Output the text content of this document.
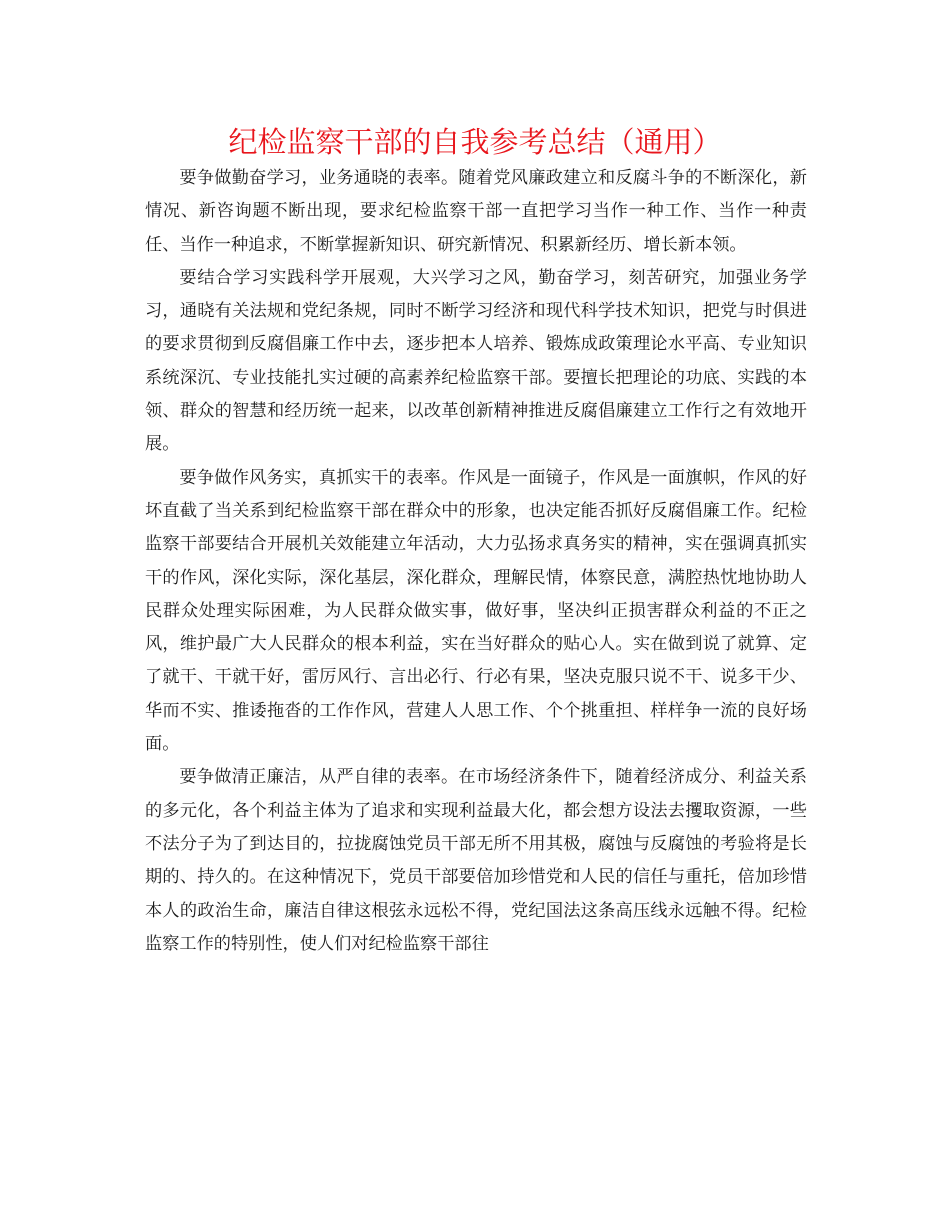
纪检监察干部的自我参考总结（通用）

要争做勤奋学习，业务通晓的表率。随着党风廉政建立和反腐斗争的不断深化，新情况、新咨询题不断出现，要求纪检监察干部一直把学习当作一种工作、当作一种责任、当作一种追求，不断掌握新知识、研究新情况、积累新经历、增长新本领。

要结合学习实践科学开展观，大兴学习之风，勤奋学习，刻苦研究，加强业务学习，通晓有关法规和党纪条规，同时不断学习经济和现代科学技术知识，把党与时俱进的要求贯彻到反腐倡廉工作中去，逐步把本人培养、锻炼成政策理论水平高、专业知识系统深沉、专业技能扎实过硬的高素养纪检监察干部。要擅长把理论的功底、实践的本领、群众的智慧和经历统一起来，以改革创新精神推进反腐倡廉建立工作行之有效地开展。

要争做作风务实，真抓实干的表率。作风是一面镜子，作风是一面旗帜，作风的好坏直截了当关系到纪检监察干部在群众中的形象，也决定能否抓好反腐倡廉工作。纪检监察干部要结合开展机关效能建立年活动，大力弘扬求真务实的精神，实在强调真抓实干的作风，深化实际，深化基层，深化群众，理解民情，体察民意，满腔热忱地协助人民群众处理实际困难，为人民群众做实事，做好事，坚决纠正损害群众利益的不正之风，维护最广大人民群众的根本利益，实在当好群众的贴心人。实在做到说了就算、定了就干、干就干好，雷厉风行、言出必行、行必有果，坚决克服只说不干、说多干少、华而不实、推诿拖沓的工作作风，营建人人思工作、个个挑重担、样样争一流的良好场面。

要争做清正廉洁，从严自律的表率。在市场经济条件下，随着经济成分、利益关系的多元化，各个利益主体为了追求和实现利益最大化，都会想方设法去攫取资源，一些不法分子为了到达目的，拉拢腐蚀党员干部无所不用其极，腐蚀与反腐蚀的考验将是长期的、持久的。在这种情况下，党员干部要倍加珍惜党和人民的信任与重托，倍加珍惜本人的政治生命，廉洁自律这根弦永远松不得，党纪国法这条高压线永远触不得。纪检监察工作的特别性，使人们对纪检监察干部往
